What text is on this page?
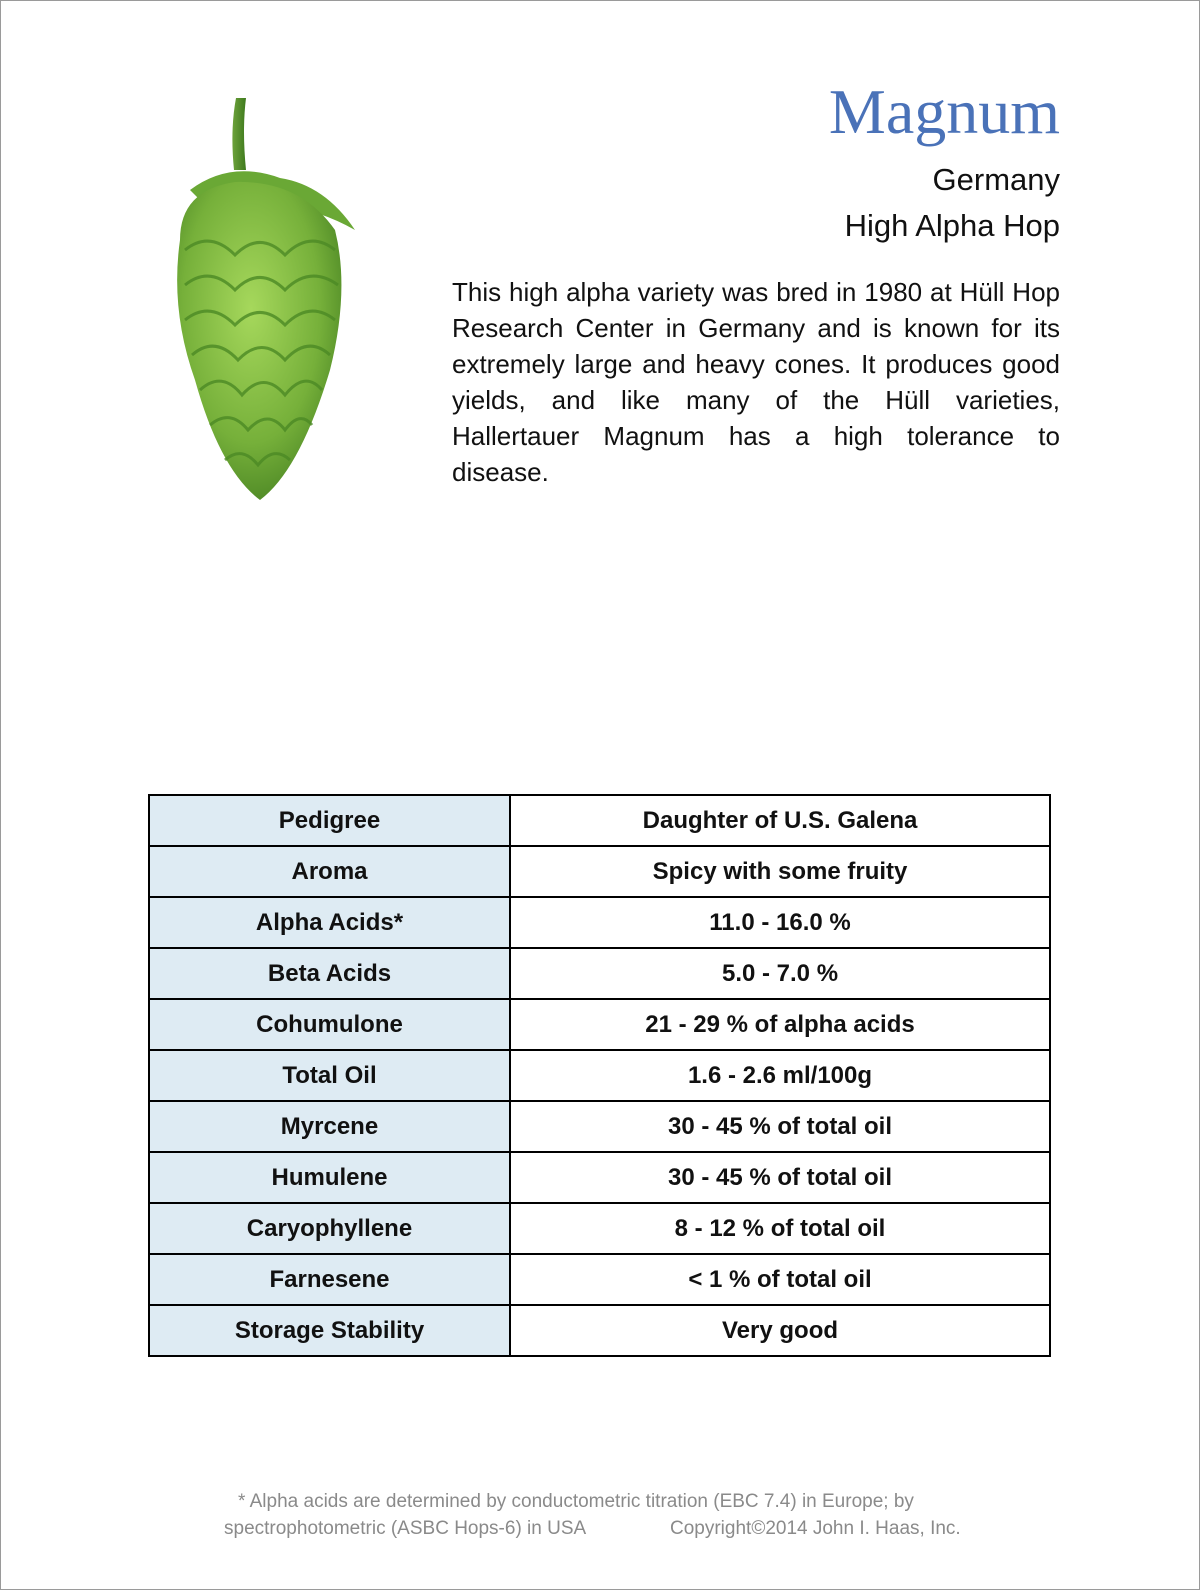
Magnum
Germany
High Alpha Hop
This high alpha variety was bred in 1980 at Hüll Hop Research Center in Germany and is known for its extremely large and heavy cones. It produces good yields, and like many of the Hüll varieties, Hallertauer Magnum has a high tolerance to disease.
Pedigree	Daughter of U.S. Galena
Aroma	Spicy with some fruity
Alpha Acids*	11.0 - 16.0 %
Beta Acids	5.0 - 7.0 %
Cohumulone	21 - 29 % of alpha acids
Total Oil	1.6 - 2.6 ml/100g
Myrcene	30 - 45 % of total oil
Humulene	30 - 45 % of total oil
Caryophyllene	8 - 12 % of total oil
Farnesene	< 1 % of total oil
Storage Stability	Very good
* Alpha acids are determined by conductometric titration (EBC 7.4) in Europe; by
spectrophotometric (ASBC Hops-6) in USA	Copyright©2014 John I. Haas, Inc.
